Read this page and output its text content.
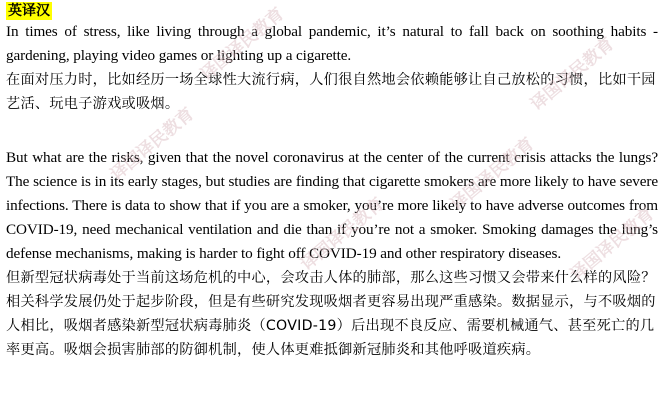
英译汉

In times of stress, like living through a global pandemic, it’s natural to fall back on soothing habits - gardening, playing video games or lighting up a cigarette.

在面对压力时，比如经历一场全球性大流行病，人们很自然地会依赖能够让自己放松的习惯，比如干园艺活、玩电子游戏或吸烟。

But what are the risks, given that the novel coronavirus at the center of the current crisis attacks the lungs? The science is in its early stages, but studies are finding that cigarette smokers are more likely to have severe infections. There is data to show that if you are a smoker, you’re more likely to have adverse outcomes from COVID-19, need mechanical ventilation and die than if you’re not a smoker. Smoking damages the lung’s defense mechanisms, making is harder to fight off COVID-19 and other respiratory diseases.

但新型冠状病毒处于当前这场危机的中心，会攻击人体的肺部，那么这些习惯又会带来什么样的风险？相关科学发展仍处于起步阶段，但是有些研究发现吸烟者更容易出现严重感染。数据显示，与不吸烟的人相比，吸烟者感染新型冠状病毒肺炎（COVID-19）后出现不良反应、需要机械通气、甚至死亡的几率更高。吸烟会损害肺部的防御机制，使人体更难抵御新冠肺炎和其他呼吸道疾病。

译国译民教育	译国译民教育
译国译民教育	译国译民教育
译国译民教育	译国译民教育
